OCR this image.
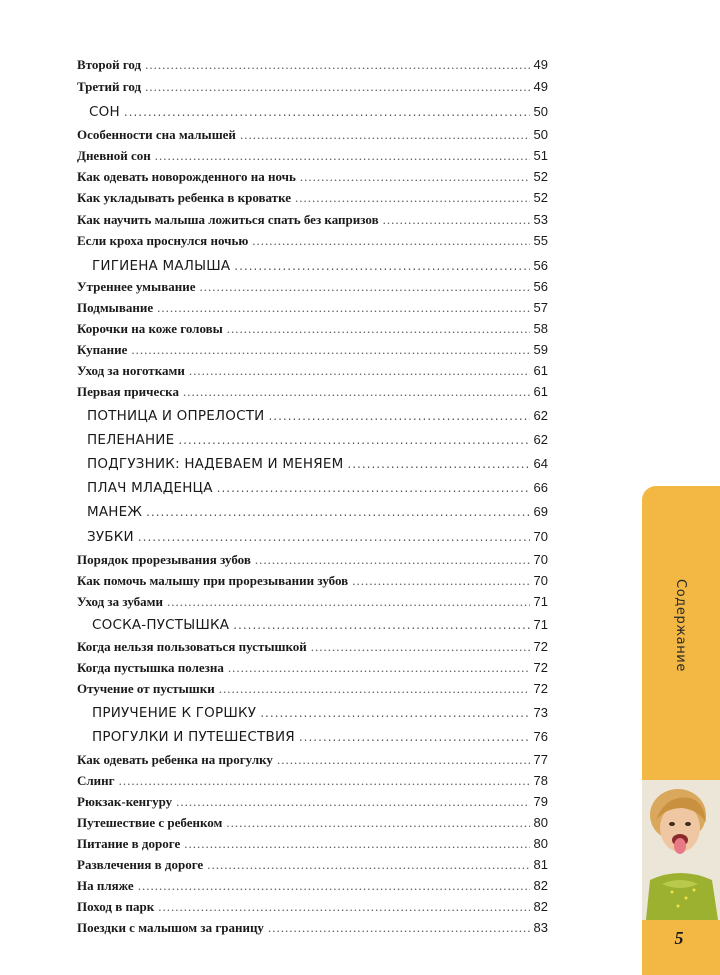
Второй год .....	49
Третий год .....	49
СОН .....	50
Особенности сна малышей .....	50
Дневной сон .....	51
Как одевать новорожденного на ночь .....	52
Как укладывать ребенка в кроватке .....	52
Как научить малыша ложиться спать без капризов .....	53
Если кроха проснулся ночью .....	55
ГИГИЕНА МАЛЫША .....	56
Утреннее умывание .....	56
Подмывание .....	57
Корочки на коже головы .....	58
Купание .....	59
Уход за ноготками .....	61
Первая прическа .....	61
ПОТНИЦА И ОПРЕЛОСТИ .....	62
ПЕЛЕНАНИЕ .....	62
ПОДГУЗНИК: НАДЕВАЕМ И МЕНЯЕМ .....	64
ПЛАЧ МЛАДЕНЦА .....	66
МАНЕЖ .....	69
ЗУБКИ .....	70
Порядок прорезывания зубов .....	70
Как помочь малышу при прорезывании зубов .....	70
Уход за зубами .....	71
СОСКА-ПУСТЫШКА .....	71
Когда нельзя пользоваться пустышкой .....	72
Когда пустышка полезна .....	72
Отучение от пустышки .....	72
ПРИУЧЕНИЕ К ГОРШКУ .....	73
ПРОГУЛКИ И ПУТЕШЕСТВИЯ .....	76
Как одевать ребенка на прогулку .....	77
Слинг .....	78
Рюкзак-кенгуру .....	79
Путешествие с ребенком .....	80
Питание в дороге .....	80
Развлечения в дороге .....	81
На пляже .....	82
Поход в парк .....	82
Поездки с малышом за границу .....	83
Содержание
5
